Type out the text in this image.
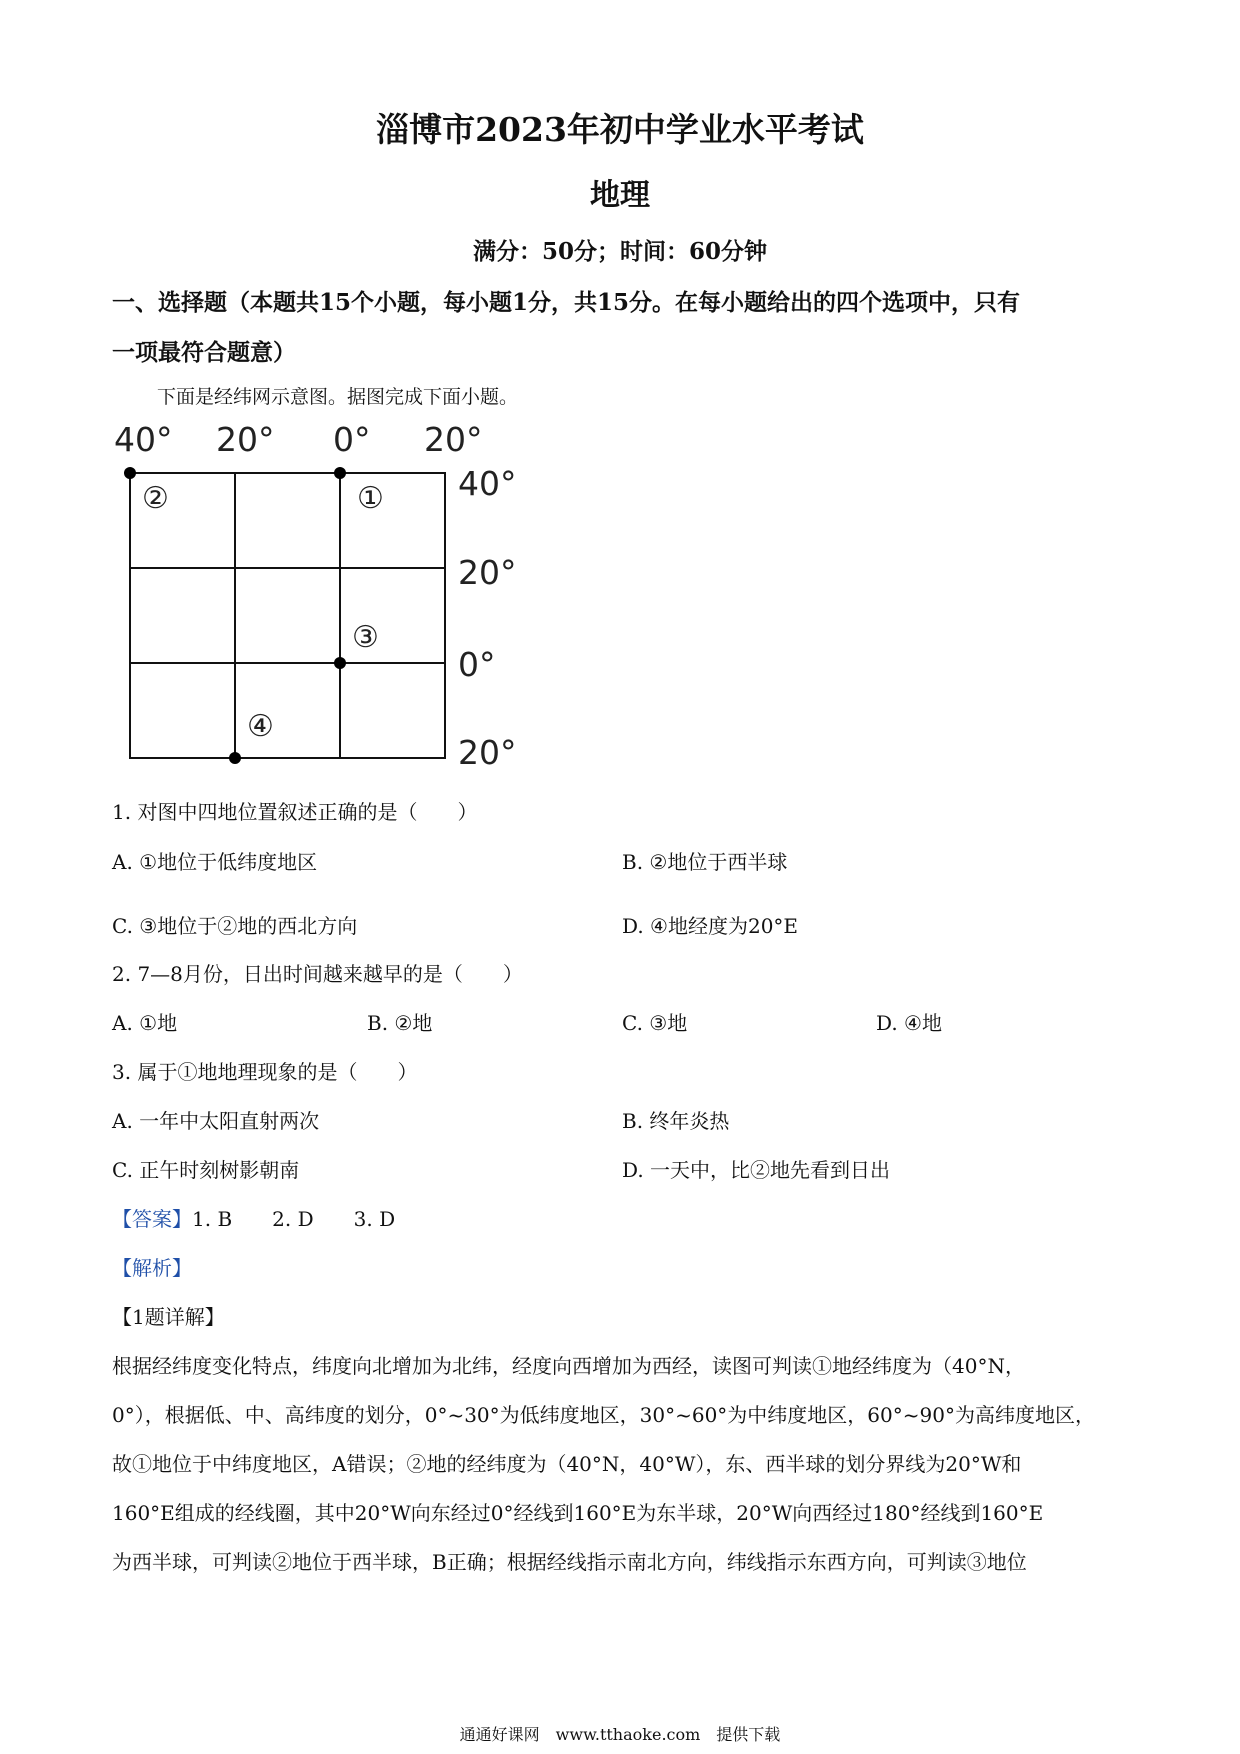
淄博市2023年初中学业水平考试
地理
满分：50分；时间：60分钟
一、选择题（本题共15个小题，每小题1分，共15分。在每小题给出的四个选项中，只有
一项最符合题意）
下面是经纬网示意图。据图完成下面小题。
40° 20° 0° 20°
40°
20°
0°
20°
②	①
③
④
1. 对图中四地位置叙述正确的是（　　）
A. ①地位于低纬度地区	B. ②地位于西半球
C. ③地位于②地的西北方向	D. ④地经度为20°E
2. 7—8月份，日出时间越来越早的是（　　）
A. ①地	B. ②地	C. ③地	D. ④地
3. 属于①地地理现象的是（　　）
A. 一年中太阳直射两次	B. 终年炎热
C. 正午时刻树影朝南	D. 一天中，比②地先看到日出
【答案】1. B 2. D 3. D
【解析】
【1题详解】
根据经纬度变化特点，纬度向北增加为北纬，经度向西增加为西经，读图可判读①地经纬度为（40°N，
0°），根据低、中、高纬度的划分，0°~30°为低纬度地区，30°~60°为中纬度地区，60°~90°为高纬度地区，
故①地位于中纬度地区，A错误；②地的经纬度为（40°N，40°W），东、西半球的划分界线为20°W和
160°E组成的经线圈，其中20°W向东经过0°经线到160°E为东半球，20°W向西经过180°经线到160°E
为西半球，可判读②地位于西半球，B正确；根据经线指示南北方向，纬线指示东西方向，可判读③地位
通通好课网　www.tthaoke.com　提供下载
